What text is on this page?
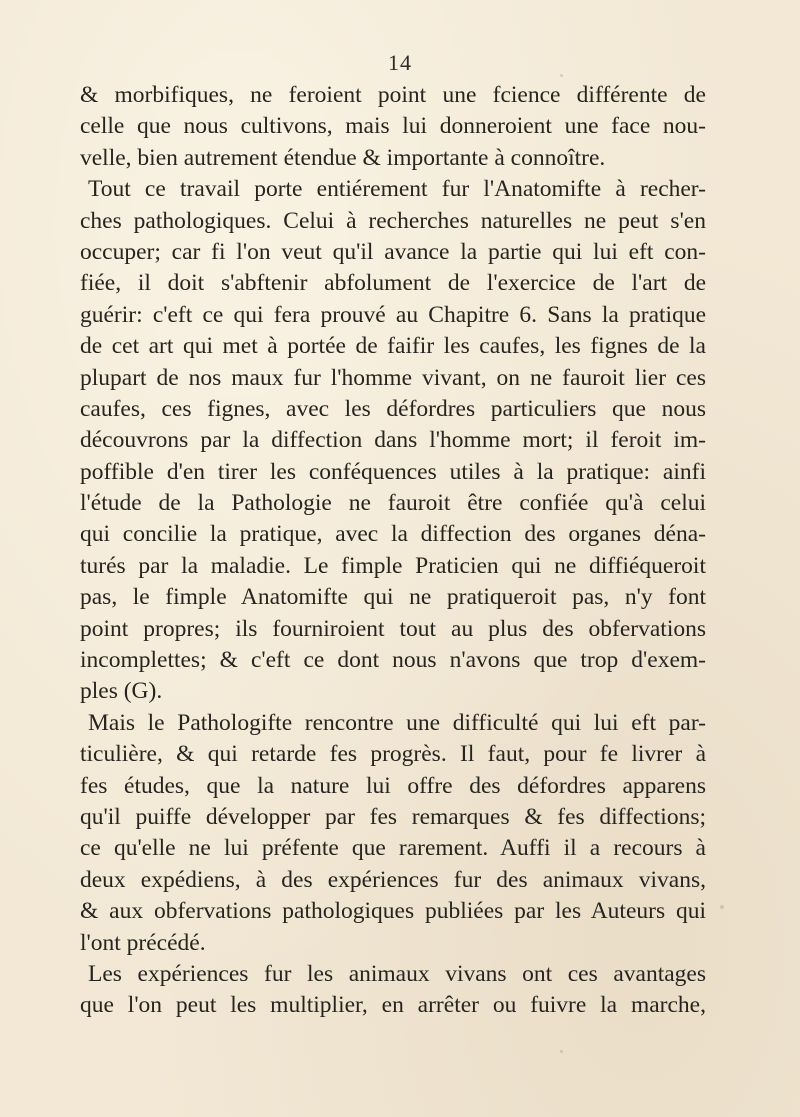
14
& morbifiques, ne feroient point une fcience différente de
celle que nous cultivons, mais lui donneroient une face nou-
velle, bien autrement étendue & importante à connoître.
Tout ce travail porte entiérement fur l'Anatomifte à recher-
ches pathologiques. Celui à recherches naturelles ne peut s'en
occuper; car fi l'on veut qu'il avance la partie qui lui eft con-
fiée, il doit s'abftenir abfolument de l'exercice de l'art de
guérir: c'eft ce qui fera prouvé au Chapitre 6. Sans la pratique
de cet art qui met à portée de faifir les caufes, les fignes de la
plupart de nos maux fur l'homme vivant, on ne fauroit lier ces
caufes, ces fignes, avec les défordres particuliers que nous
découvrons par la diffection dans l'homme mort; il feroit im-
poffible d'en tirer les conféquences utiles à la pratique: ainfi
l'étude de la Pathologie ne fauroit être confiée qu'à celui
qui concilie la pratique, avec la diffection des organes déna-
turés par la maladie. Le fimple Praticien qui ne diffiéqueroit
pas, le fimple Anatomifte qui ne pratiqueroit pas, n'y font
point propres; ils fourniroient tout au plus des obfervations
incomplettes; & c'eft ce dont nous n'avons que trop d'exem-
ples (G).
Mais le Pathologifte rencontre une difficulté qui lui eft par-
ticulière, & qui retarde fes progrès. Il faut, pour fe livrer à
fes études, que la nature lui offre des défordres apparens
qu'il puiffe développer par fes remarques & fes diffections;
ce qu'elle ne lui préfente que rarement. Auffi il a recours à
deux expédiens, à des expériences fur des animaux vivans,
& aux obfervations pathologiques publiées par les Auteurs qui
l'ont précédé.
Les expériences fur les animaux vivans ont ces avantages
que l'on peut les multiplier, en arrêter ou fuivre la marche,
